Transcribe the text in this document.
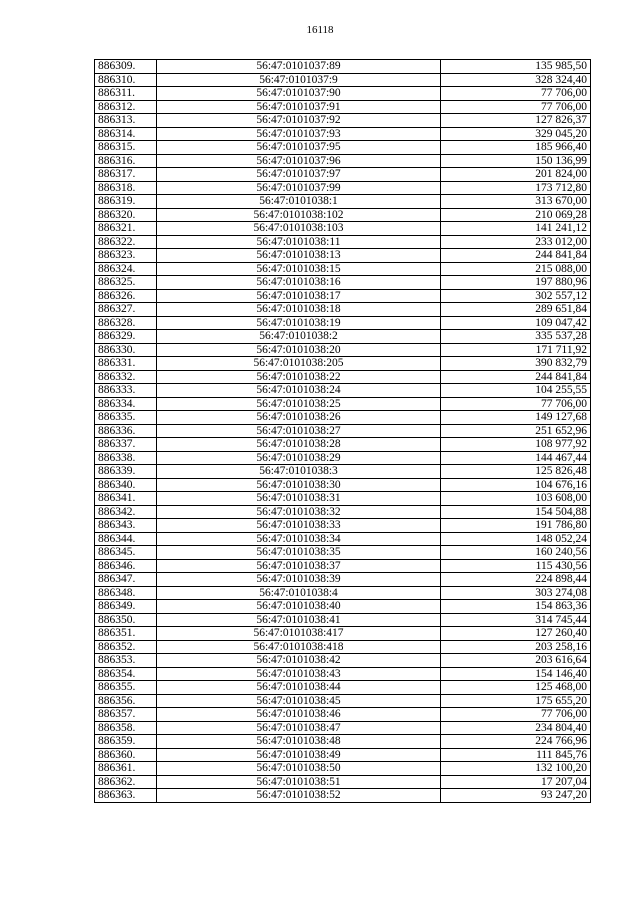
16118
886309.	56:47:0101037:89	135 985,50
886310.	56:47:0101037:9	328 324,40
886311.	56:47:0101037:90	77 706,00
886312.	56:47:0101037:91	77 706,00
886313.	56:47:0101037:92	127 826,37
886314.	56:47:0101037:93	329 045,20
886315.	56:47:0101037:95	185 966,40
886316.	56:47:0101037:96	150 136,99
886317.	56:47:0101037:97	201 824,00
886318.	56:47:0101037:99	173 712,80
886319.	56:47:0101038:1	313 670,00
886320.	56:47:0101038:102	210 069,28
886321.	56:47:0101038:103	141 241,12
886322.	56:47:0101038:11	233 012,00
886323.	56:47:0101038:13	244 841,84
886324.	56:47:0101038:15	215 088,00
886325.	56:47:0101038:16	197 880,96
886326.	56:47:0101038:17	302 557,12
886327.	56:47:0101038:18	289 651,84
886328.	56:47:0101038:19	109 047,42
886329.	56:47:0101038:2	335 537,28
886330.	56:47:0101038:20	171 711,92
886331.	56:47:0101038:205	390 832,79
886332.	56:47:0101038:22	244 841,84
886333.	56:47:0101038:24	104 255,55
886334.	56:47:0101038:25	77 706,00
886335.	56:47:0101038:26	149 127,68
886336.	56:47:0101038:27	251 652,96
886337.	56:47:0101038:28	108 977,92
886338.	56:47:0101038:29	144 467,44
886339.	56:47:0101038:3	125 826,48
886340.	56:47:0101038:30	104 676,16
886341.	56:47:0101038:31	103 608,00
886342.	56:47:0101038:32	154 504,88
886343.	56:47:0101038:33	191 786,80
886344.	56:47:0101038:34	148 052,24
886345.	56:47:0101038:35	160 240,56
886346.	56:47:0101038:37	115 430,56
886347.	56:47:0101038:39	224 898,44
886348.	56:47:0101038:4	303 274,08
886349.	56:47:0101038:40	154 863,36
886350.	56:47:0101038:41	314 745,44
886351.	56:47:0101038:417	127 260,40
886352.	56:47:0101038:418	203 258,16
886353.	56:47:0101038:42	203 616,64
886354.	56:47:0101038:43	154 146,40
886355.	56:47:0101038:44	125 468,00
886356.	56:47:0101038:45	175 655,20
886357.	56:47:0101038:46	77 706,00
886358.	56:47:0101038:47	234 804,40
886359.	56:47:0101038:48	224 766,96
886360.	56:47:0101038:49	111 845,76
886361.	56:47:0101038:50	132 100,20
886362.	56:47:0101038:51	17 207,04
886363.	56:47:0101038:52	93 247,20
